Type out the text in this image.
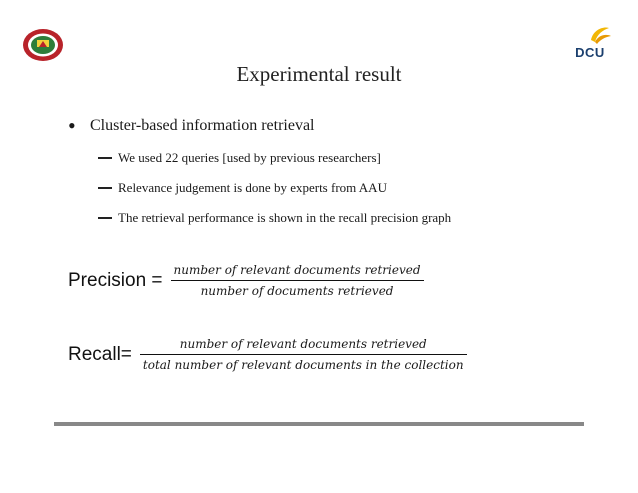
DCU
Experimental result
• Cluster-based information retrieval
We used 22 queries [used by previous researchers]
Relevance judgement is done by experts from AAU
The retrieval performance is shown in the recall precision graph
Precision = $\frac{\text{number of relevant documents retrieved}}{\text{number of documents retrieved}}$
Recall= $\frac{\text{number of relevant documents retrieved}}{\text{total number of relevant documents in the collection}}$
